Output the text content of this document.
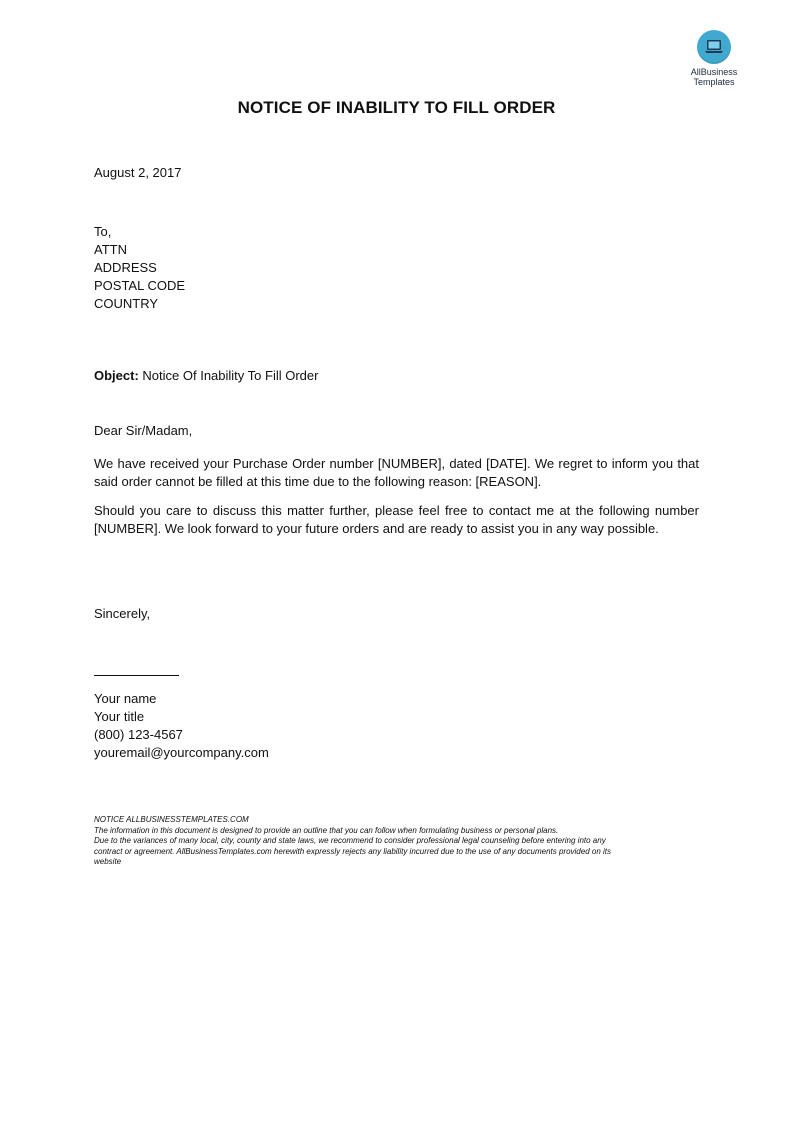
AllBusiness
Templates
NOTICE OF INABILITY TO FILL ORDER
August 2, 2017
To,
ATTN
ADDRESS
POSTAL CODE
COUNTRY
Object: Notice Of Inability To Fill Order
Dear Sir/Madam,
We have received your Purchase Order number [NUMBER], dated [DATE]. We regret to inform you that said order cannot be filled at this time due to the following reason: [REASON].
Should you care to discuss this matter further, please feel free to contact me at the following number [NUMBER]. We look forward to your future orders and are ready to assist you in any way possible.
Sincerely,
Your name
Your title
(800) 123-4567
youremail@yourcompany.com
NOTICE ALLBUSINESSTEMPLATES.COM
The information in this document is designed to provide an outline that you can follow when formulating business or personal plans.
Due to the variances of many local, city, county and state laws, we recommend to consider professional legal counseling before entering into any
contract or agreement. AllBusinessTemplates.com herewith expressly rejects any liability incurred due to the use of any documents provided on its
website
